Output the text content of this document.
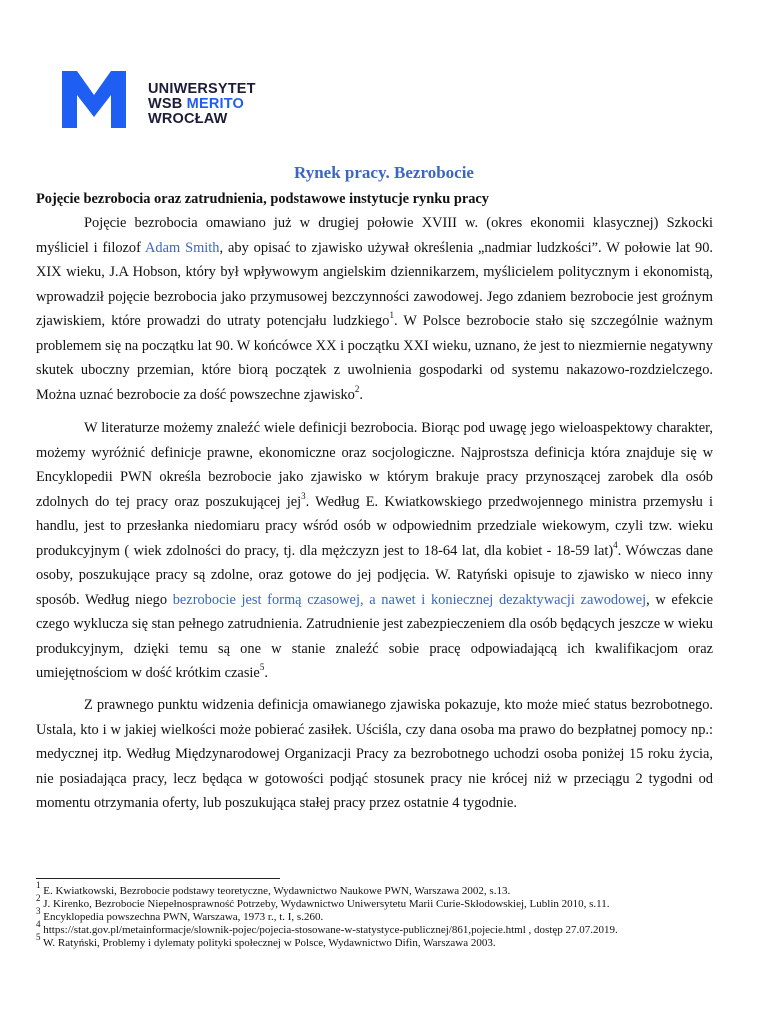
UNIWERSYTET
WSB MERITO
WROCŁAW
Rynek pracy. Bezrobocie
Pojęcie bezrobocia oraz zatrudnienia, podstawowe instytucje rynku pracy

Pojęcie bezrobocia omawiano już w drugiej połowie XVIII w. (okres ekonomii klasycznej) Szkocki myśliciel i filozof Adam Smith, aby opisać to zjawisko używał określenia „nadmiar ludzkości”. W połowie lat 90. XIX wieku, J.A Hobson, który był wpływowym angielskim dziennikarzem, myślicielem politycznym i ekonomistą, wprowadził pojęcie bezrobocia jako przymusowej bezczynności zawodowej. Jego zdaniem bezrobocie jest groźnym zjawiskiem, które prowadzi do utraty potencjału ludzkiego$^1$. W Polsce bezrobocie stało się szczególnie ważnym problemem się na początku lat 90. W końcówce XX i początku XXI wieku, uznano, że jest to niezmiernie negatywny skutek uboczny przemian, które biorą początek z uwolnienia gospodarki od systemu nakazowo-rozdzielczego. Można uznać bezrobocie za dość powszechne zjawisko$^2$.

W literaturze możemy znaleźć wiele definicji bezrobocia. Biorąc pod uwagę jego wieloaspektowy charakter, możemy wyróżnić definicje prawne, ekonomiczne oraz socjologiczne. Najprostsza definicja która znajduje się w Encyklopedii PWN określa bezrobocie jako zjawisko w którym brakuje pracy przynoszącej zarobek dla osób zdolnych do tej pracy oraz poszukującej jej$^3$. Według E. Kwiatkowskiego przedwojennego ministra przemysłu i handlu, jest to przesłanka niedomiaru pracy wśród osób w odpowiednim przedziale wiekowym, czyli tzw. wieku produkcyjnym ( wiek zdolności do pracy, tj. dla mężczyzn jest to 18-64 lat, dla kobiet - 18-59 lat)$^4$. Wówczas dane osoby, poszukujące pracy są zdolne, oraz gotowe do jej podjęcia. W. Ratyński opisuje to zjawisko w nieco inny sposób. Według niego bezrobocie jest formą czasowej, a nawet i koniecznej dezaktywacji zawodowej, w efekcie czego wyklucza się stan pełnego zatrudnienia. Zatrudnienie jest zabezpieczeniem dla osób będących jeszcze w wieku produkcyjnym, dzięki temu są one w stanie znaleźć sobie pracę odpowiadającą ich kwalifikacjom oraz umiejętnościom w dość krótkim czasie$^5$.

Z prawnego punktu widzenia definicja omawianego zjawiska pokazuje, kto może mieć status bezrobotnego. Ustala, kto i w jakiej wielkości może pobierać zasiłek. Uściśla, czy dana osoba ma prawo do bezpłatnej pomocy np.: medycznej itp. Według Międzynarodowej Organizacji Pracy za bezrobotnego uchodzi osoba poniżej 15 roku życia, nie posiadająca pracy, lecz będąca w gotowości podjąć stosunek pracy nie krócej niż w przeciągu 2 tygodni od momentu otrzymania oferty, lub poszukująca stałej pracy przez ostatnie 4 tygodnie.

$^1$ E. Kwiatkowski, Bezrobocie podstawy teoretyczne, Wydawnictwo Naukowe PWN, Warszawa 2002, s.13.
$^2$ J. Kirenko, Bezrobocie Niepełnosprawność Potrzeby, Wydawnictwo Uniwersytetu Marii Curie-Skłodowskiej, Lublin 2010, s.11.
$^3$ Encyklopedia powszechna PWN, Warszawa, 1973 r., t. I, s.260.
$^4$ https://stat.gov.pl/metainformacje/slownik-pojec/pojecia-stosowane-w-statystyce-publicznej/861,pojecie.html , dostęp 27.07.2019.
$^5$ W. Ratyński, Problemy i dylematy polityki społecznej w Polsce, Wydawnictwo Difin, Warszawa 2003.
